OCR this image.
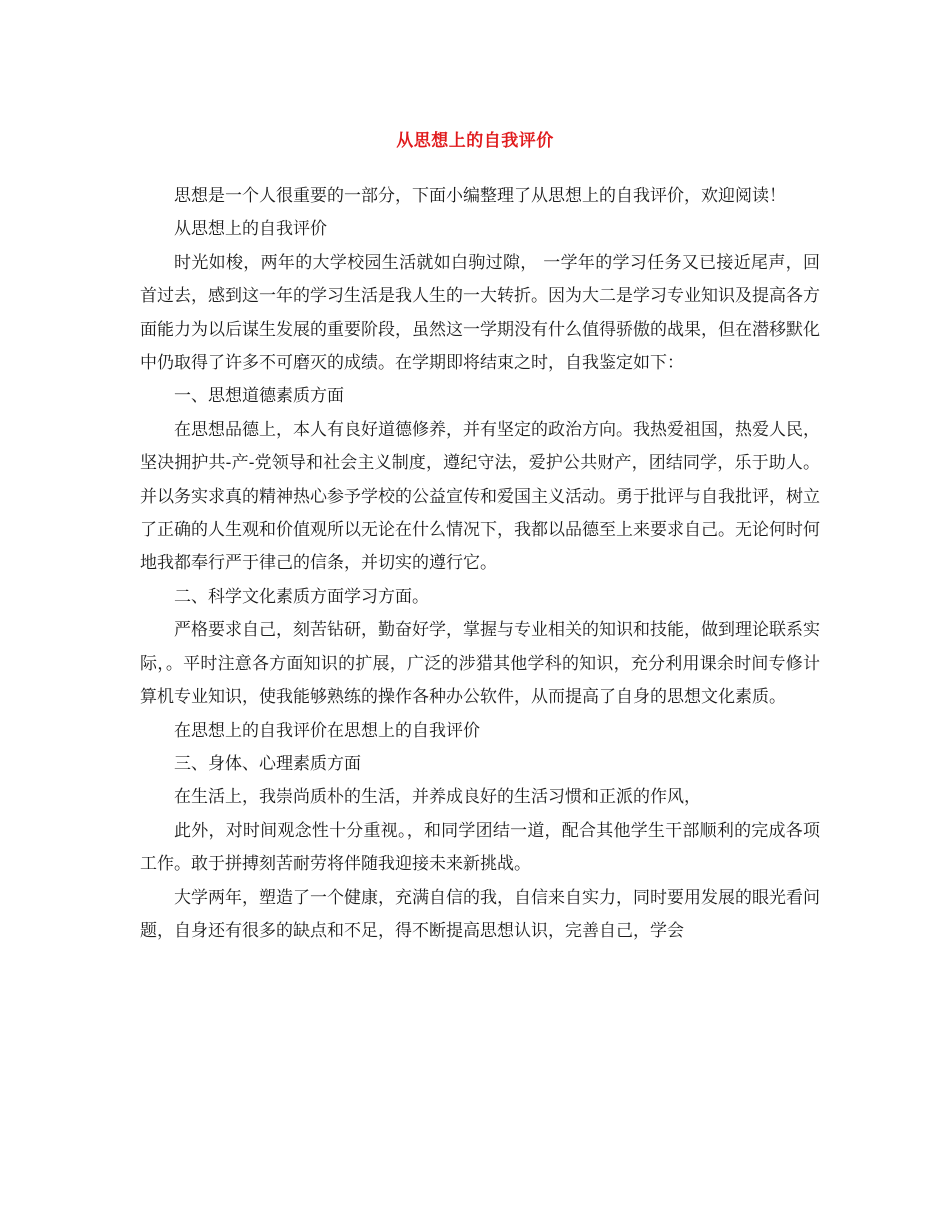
从思想上的自我评价

思想是一个人很重要的一部分，下面小编整理了从思想上的自我评价，欢迎阅读！

从思想上的自我评价

时光如梭，两年的大学校园生活就如白驹过隙， 一学年的学习任务又已接近尾声，回首过去，感到这一年的学习生活是我人生的一大转折。因为大二是学习专业知识及提高各方面能力为以后谋生发展的重要阶段，虽然这一学期没有什么值得骄傲的战果，但在潜移默化中仍取得了许多不可磨灭的成绩。在学期即将结束之时，自我鉴定如下：

一、思想道德素质方面

在思想品德上，本人有良好道德修养，并有坚定的政治方向。我热爱祖国，热爱人民，坚决拥护共-产-党领导和社会主义制度，遵纪守法，爱护公共财产，团结同学，乐于助人。并以务实求真的精神热心参予学校的公益宣传和爱国主义活动。勇于批评与自我批评，树立了正确的人生观和价值观所以无论在什么情况下，我都以品德至上来要求自己。无论何时何地我都奉行严于律己的信条，并切实的遵行它。

二、科学文化素质方面学习方面。

严格要求自己，刻苦钻研，勤奋好学，掌握与专业相关的知识和技能，做到理论联系实际，。平时注意各方面知识的扩展，广泛的涉猎其他学科的知识，充分利用课余时间专修计算机专业知识，使我能够熟练的操作各种办公软件，从而提高了自身的思想文化素质。

在思想上的自我评价在思想上的自我评价

三、身体、心理素质方面

在生活上，我崇尚质朴的生活，并养成良好的生活习惯和正派的作风，

此外，对时间观念性十分重视。，和同学团结一道，配合其他学生干部顺利的完成各项工作。敢于拼搏刻苦耐劳将伴随我迎接未来新挑战。

大学两年，塑造了一个健康，充满自信的我，自信来自实力，同时要用发展的眼光看问题，自身还有很多的缺点和不足，得不断提高思想认识，完善自己，学会
